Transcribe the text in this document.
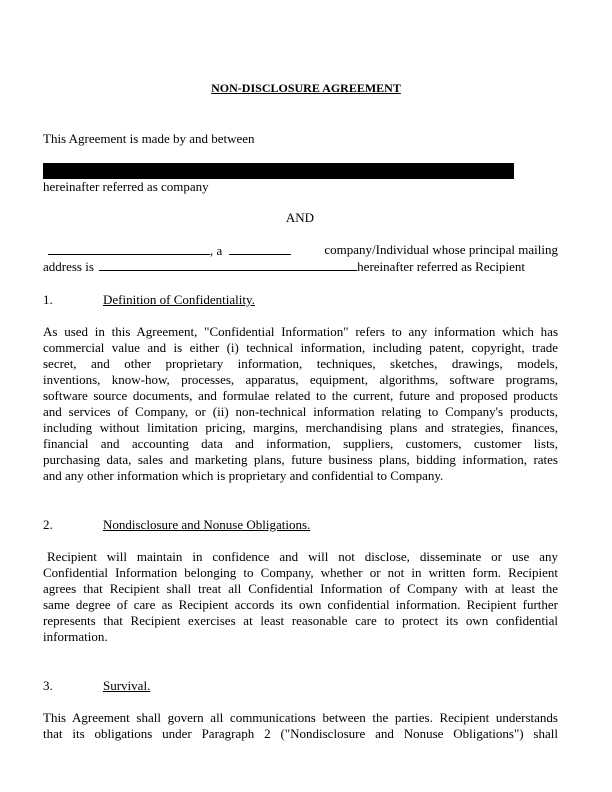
NON-DISCLOSURE AGREEMENT
This Agreement is made by and between
hereinafter referred as company
AND
, a	company/Individual whose principal mailing
address is	hereinafter referred as Recipient
1.	Definition of Confidentiality.
As used in this Agreement, "Confidential Information" refers to any information which has
commercial value and is either (i) technical information, including patent, copyright, trade
secret, and other proprietary information, techniques, sketches, drawings, models,
inventions, know-how, processes, apparatus, equipment, algorithms, software programs,
software source documents, and formulae related to the current, future and proposed products
and services of Company, or (ii) non-technical information relating to Company's products,
including without limitation pricing, margins, merchandising plans and strategies, finances,
financial and accounting data and information, suppliers, customers, customer lists,
purchasing data, sales and marketing plans, future business plans, bidding information, rates
and any other information which is proprietary and confidential to Company.
2.	Nondisclosure and Nonuse Obligations.
Recipient will maintain in confidence and will not disclose, disseminate or use any
Confidential Information belonging to Company, whether or not in written form. Recipient
agrees that Recipient shall treat all Confidential Information of Company with at least the
same degree of care as Recipient accords its own confidential information. Recipient further
represents that Recipient exercises at least reasonable care to protect its own confidential
information.
3.	Survival.
This Agreement shall govern all communications between the parties. Recipient understands
that its obligations under Paragraph 2 ("Nondisclosure and Nonuse Obligations") shall
